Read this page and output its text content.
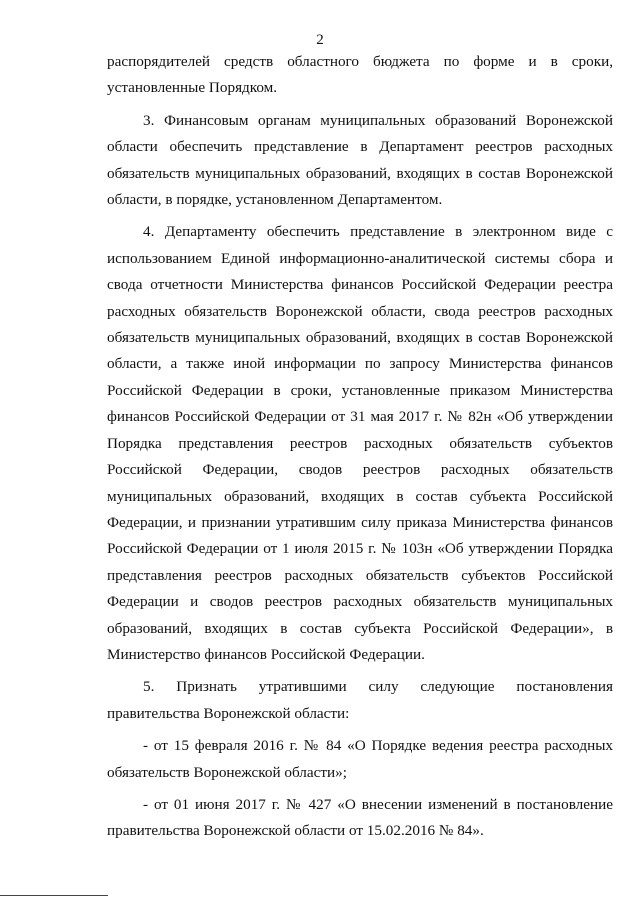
2

распорядителей средств областного бюджета по форме и в сроки, установленные Порядком.

3. Финансовым органам муниципальных образований Воронежской области обеспечить представление в Департамент реестров расходных обязательств муниципальных образований, входящих в состав Воронежской области, в порядке, установленном Департаментом.

4. Департаменту обеспечить представление в электронном виде с использованием Единой информационно-аналитической системы сбора и свода отчетности Министерства финансов Российской Федерации реестра расходных обязательств Воронежской области, свода реестров расходных обязательств муниципальных образований, входящих в состав Воронежской области, а также иной информации по запросу Министерства финансов Российской Федерации в сроки, установленные приказом Министерства финансов Российской Федерации от 31 мая 2017 г. № 82н «Об утверждении Порядка представления реестров расходных обязательств субъектов Российской Федерации, сводов реестров расходных обязательств муниципальных образований, входящих в состав субъекта Российской Федерации, и признании утратившим силу приказа Министерства финансов Российской Федерации от 1 июля 2015 г. № 103н «Об утверждении Порядка представления реестров расходных обязательств субъектов Российской Федерации и сводов реестров расходных обязательств муниципальных образований, входящих в состав субъекта Российской Федерации», в Министерство финансов Российской Федерации.

5. Признать утратившими силу следующие постановления правительства Воронежской области:

- от 15 февраля 2016 г. № 84 «О Порядке ведения реестра расходных обязательств Воронежской области»;

- от 01 июня 2017 г. № 427 «О внесении изменений в постановление правительства Воронежской области от 15.02.2016 № 84».
